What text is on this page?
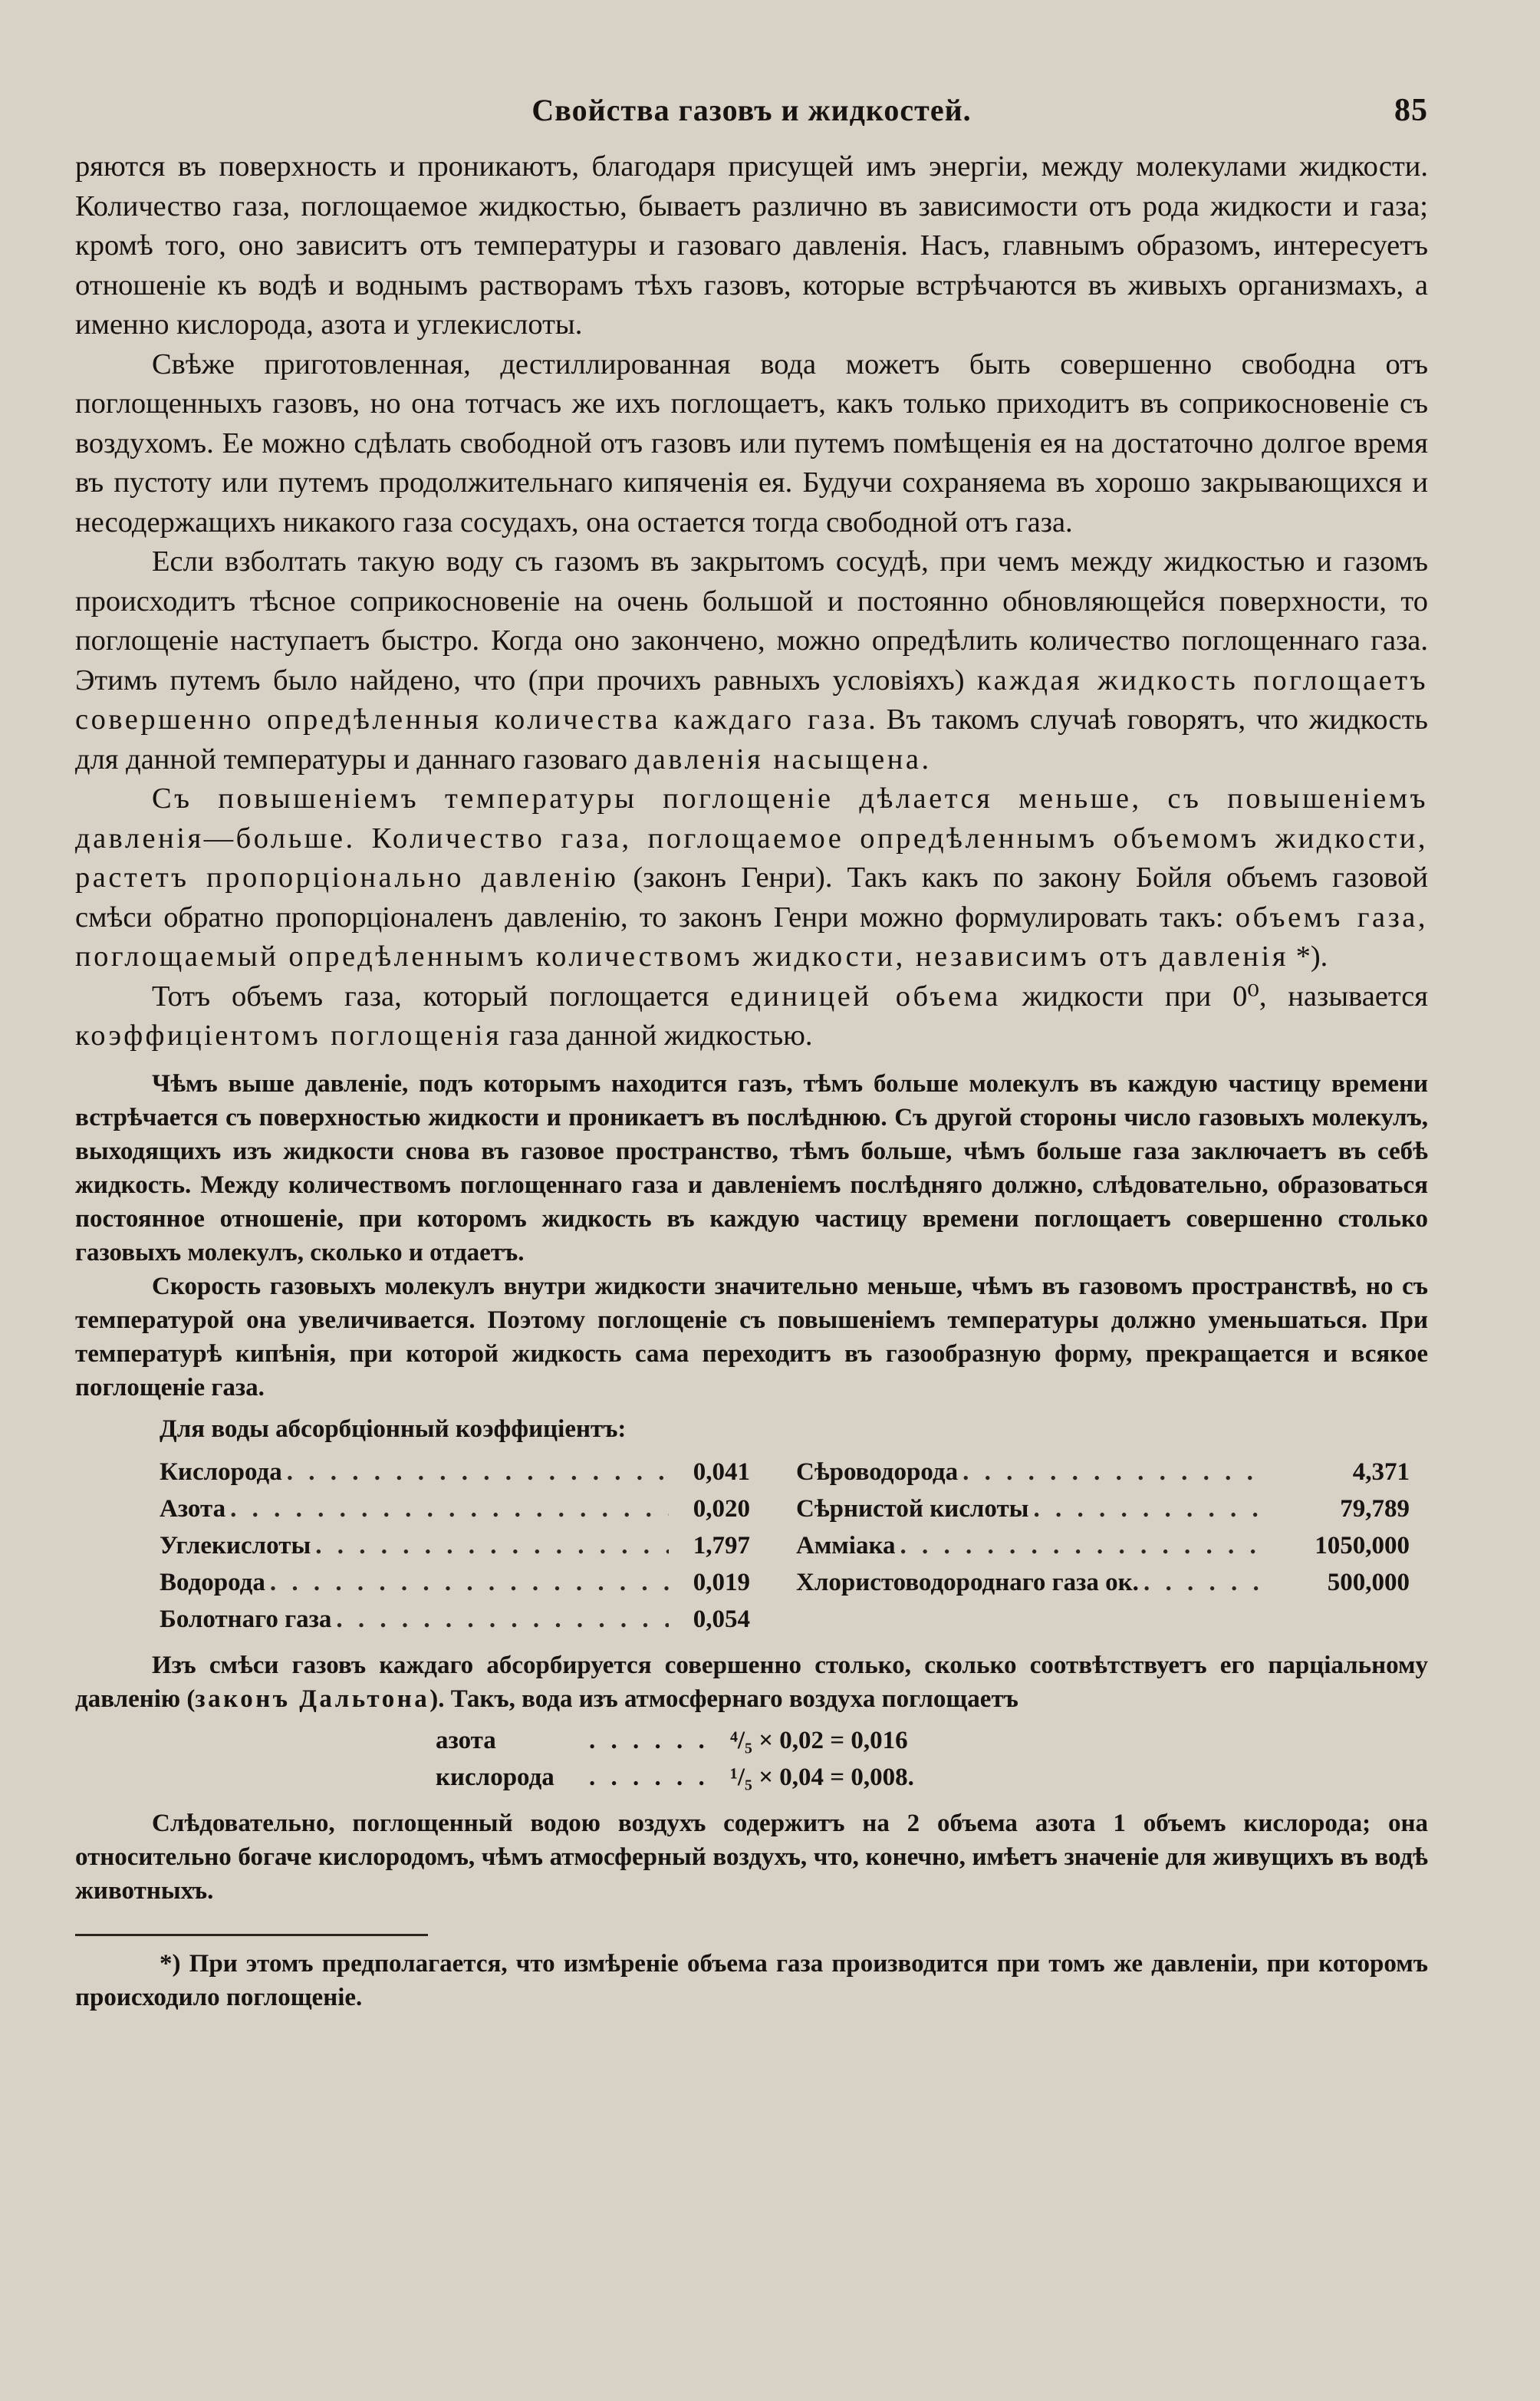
Свойства газовъ и жидкостей.	85

ряются въ поверхность и проникаютъ, благодаря присущей имъ энергіи, между молекулами жидкости. Количество газа, поглощаемое жидкостью, бываетъ различно въ зависимости отъ рода жидкости и газа; кромѣ того, оно зависитъ отъ температуры и газоваго давленія. Насъ, главнымъ образомъ, интересуетъ отношеніе къ водѣ и воднымъ растворамъ тѣхъ газовъ, которые встрѣчаются въ живыхъ организмахъ, а именно кислорода, азота и углекислоты.

Свѣже приготовленная, дестиллированная вода можетъ быть совершенно свободна отъ поглощенныхъ газовъ, но она тотчасъ же ихъ поглощаетъ, какъ только приходитъ въ соприкосновеніе съ воздухомъ. Ее можно сдѣлать свободной отъ газовъ или путемъ помѣщенія ея на достаточно долгое время въ пустоту или путемъ продолжительнаго кипяченія ея. Будучи сохраняема въ хорошо закрывающихся и несодержащихъ никакого газа сосудахъ, она остается тогда свободной отъ газа.

Если взболтать такую воду съ газомъ въ закрытомъ сосудѣ, при чемъ между жидкостью и газомъ происходитъ тѣсное соприкосновеніе на очень большой и постоянно обновляющейся поверхности, то поглощеніе наступаетъ быстро. Когда оно закончено, можно опредѣлить количество поглощеннаго газа. Этимъ путемъ было найдено, что (при прочихъ равныхъ условіяхъ) каждая жидкость поглощаетъ совершенно опредѣленныя количества каждаго газа. Въ такомъ случаѣ говорятъ, что жидкость для данной температуры и даннаго газоваго давленія насыщена.

Съ повышеніемъ температуры поглощеніе дѣлается меньше, съ повышеніемъ давленія—больше. Количество газа, поглощаемое опредѣленнымъ объемомъ жидкости, растетъ пропорціонально давленію (законъ Генри). Такъ какъ по закону Бойля объемъ газовой смѣси обратно пропорціоналенъ давленію, то законъ Генри можно формулировать такъ: объемъ газа, поглощаемый опредѣленнымъ количествомъ жидкости, независимъ отъ давленія *).

Тотъ объемъ газа, который поглощается единицей объема жидкости при 0⁰, называется коэффиціентомъ поглощенія газа данной жидкостью.

Чѣмъ выше давленіе, подъ которымъ находится газъ, тѣмъ больше молекулъ въ каждую частицу времени встрѣчается съ поверхностью жидкости и проникаетъ въ послѣднюю. Съ другой стороны число газовыхъ молекулъ, выходящихъ изъ жидкости снова въ газовое пространство, тѣмъ больше, чѣмъ больше газа заключаетъ въ себѣ жидкость. Между количествомъ поглощеннаго газа и давленіемъ послѣдняго должно, слѣдовательно, образоваться постоянное отношеніе, при которомъ жидкость въ каждую частицу времени поглощаетъ совершенно столько газовыхъ молекулъ, сколько и отдаетъ.

Скорость газовыхъ молекулъ внутри жидкости значительно меньше, чѣмъ въ газовомъ пространствѣ, но съ температурой она увеличивается. Поэтому поглощеніе съ повышеніемъ температуры должно уменьшаться. При температурѣ кипѣнія, при которой жидкость сама переходитъ въ газообразную форму, прекращается и всякое поглощеніе газа.

Для воды абсорбціонный коэффиціентъ:
Кислорода . . .	0,041
Азота . . .	0,020
Углекислоты . . .	1,797
Водорода . . .	0,019
Болотнаго газа . . .	0,054
Сѣроводорода . . .	4,371
Сѣрнистой кислоты . . .	79,789
Амміака . . .	1050,000
Хлористоводороднаго газа ок. . . .	500,000

Изъ смѣси газовъ каждаго абсорбируется совершенно столько, сколько соотвѣтствуетъ его парціальному давленію (законъ Дальтона). Такъ, вода изъ атмосфернаго воздуха поглощаетъ

азота . . .	⁴/₅ × 0,02 = 0,016
кислорода . . .	¹/₅ × 0,04 = 0,008.

Слѣдовательно, поглощенный водою воздухъ содержитъ на 2 объема азота 1 объемъ кислорода; она относительно богаче кислородомъ, чѣмъ атмосферный воздухъ, что, конечно, имѣетъ значеніе для живущихъ въ водѣ животныхъ.

*) При этомъ предполагается, что измѣреніе объема газа производится при томъ же давленіи, при которомъ происходило поглощеніе.
